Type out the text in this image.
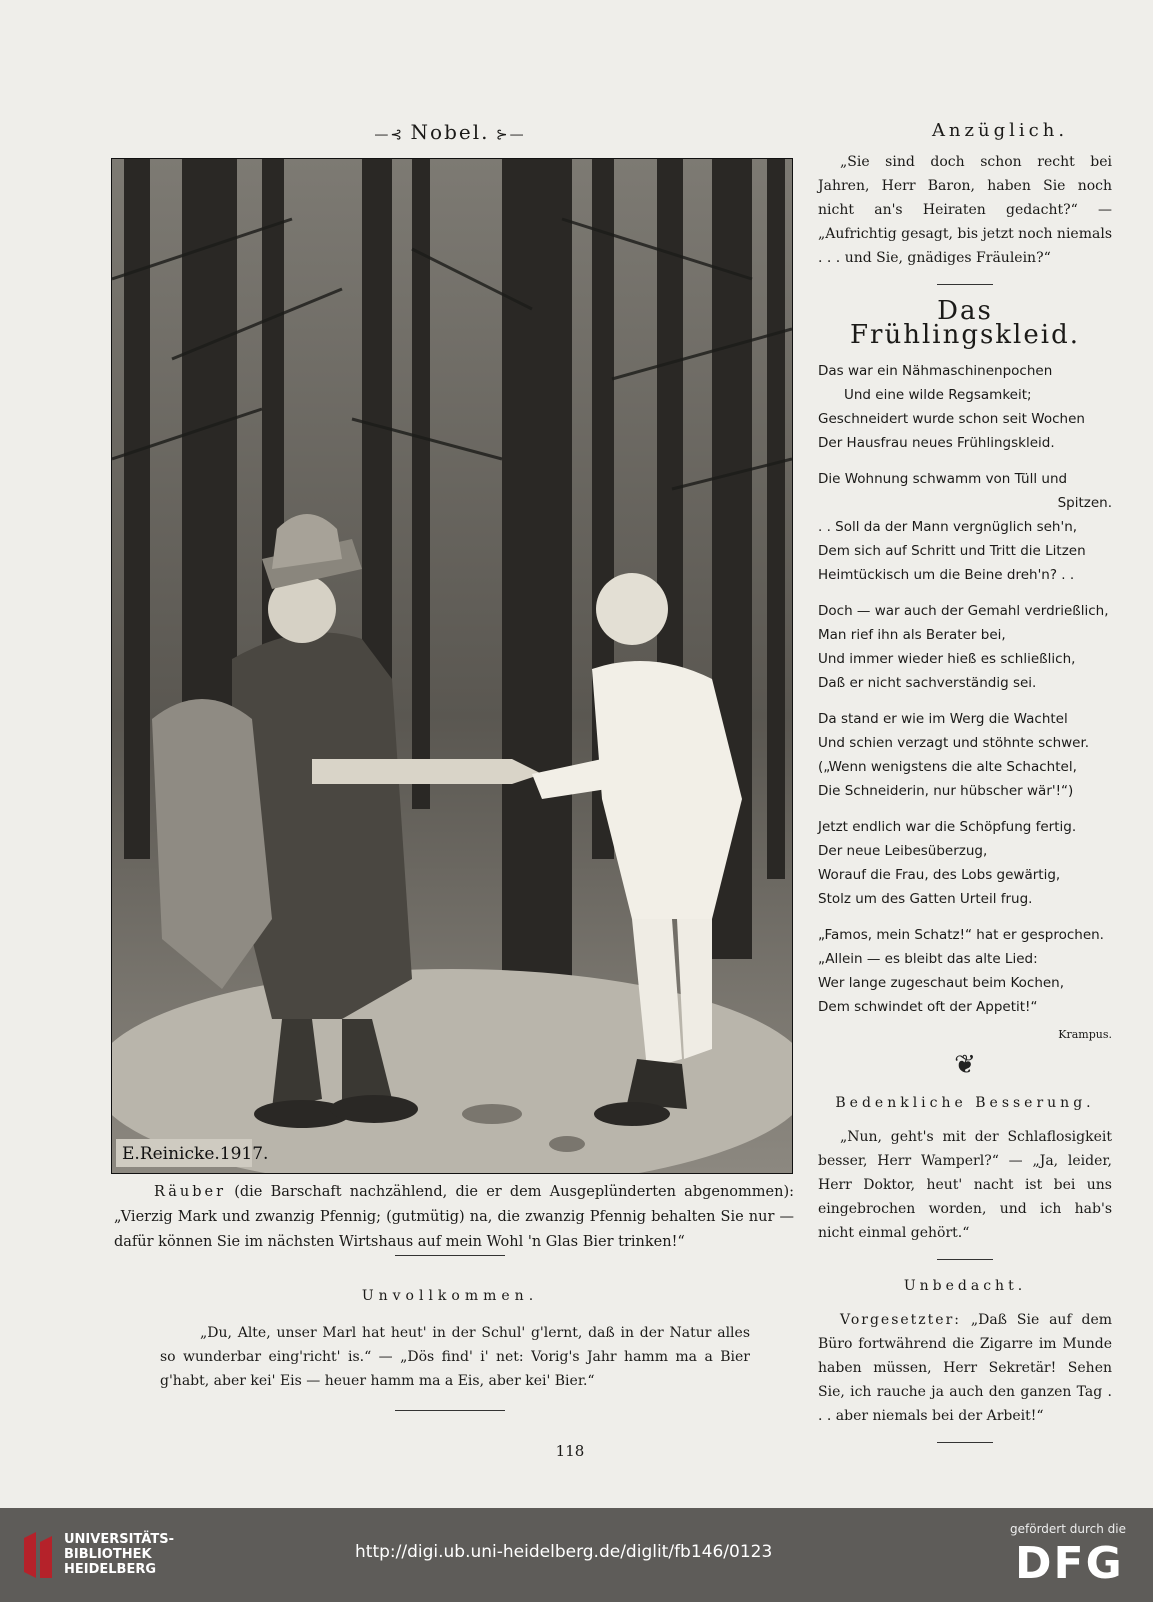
—⊰ Nobel. ⊱—	Anzüglich.
E.Reinicke.1917.

„Sie sind doch schon recht bei Jahren, Herr Baron, haben Sie noch nicht an's Heiraten gedacht?“ — „Aufrichtig gesagt, bis jetzt noch niemals . . . und Sie, gnädiges Fräulein?“

Das Frühlingskleid.
Das war ein Nähmaschinenpochen
Und eine wilde Regsamkeit;
Geschneidert wurde schon seit Wochen
Der Hausfrau neues Frühlingskleid.
Die Wohnung schwamm von Tüll und
Spitzen.
. . Soll da der Mann vergnüglich seh'n,
Dem sich auf Schritt und Tritt die Litzen
Heimtückisch um die Beine dreh'n? . .
Doch — war auch der Gemahl verdrießlich,
Man rief ihn als Berater bei,
Und immer wieder hieß es schließlich,
Daß er nicht sachverständig sei.
Da stand er wie im Werg die Wachtel
Und schien verzagt und stöhnte schwer.
(„Wenn wenigstens die alte Schachtel,
Die Schneiderin, nur hübscher wär'!“)
Jetzt endlich war die Schöpfung fertig.
Der neue Leibesüberzug,
Worauf die Frau, des Lobs gewärtig,
Stolz um des Gatten Urteil frug.
„Famos, mein Schatz!“ hat er gesprochen.
„Allein — es bleibt das alte Lied:
Wer lange zugeschaut beim Kochen,
Dem schwindet oft der Appetit!“
Krampus.
❦
Bedenkliche Besserung.

„Nun, geht's mit der Schlaflosigkeit besser, Herr Wamperl?“ — „Ja, leider, Herr Doktor, heut' nacht ist bei uns eingebrochen worden, und ich hab's nicht einmal gehört.“

Unbedacht.

Vorgesetzter: „Daß Sie auf dem Büro fortwährend die Zigarre im Munde haben müssen, Herr Sekretär! Sehen Sie, ich rauche ja auch den ganzen Tag . . . aber niemals bei der Arbeit!“

Räuber (die Barschaft nachzählend, die er dem Ausgeplünderten abgenommen): „Vierzig Mark und zwanzig Pfennig; (gutmütig) na, die zwanzig Pfennig behalten Sie nur — dafür können Sie im nächsten Wirtshaus auf mein Wohl 'n Glas Bier trinken!“
Unvollkommen.
„Du, Alte, unser Marl hat heut' in der Schul' g'lernt, daß in der Natur alles so wunderbar eing'richt' is.“ — „Dös find' i' net: Vorig's Jahr hamm ma a Bier g'habt, aber kei' Eis — heuer hamm ma a Eis, aber kei' Bier.“
118
UNIVERSITÄTS-
BIBLIOTHEK
HEIDELBERG
http://digi.ub.uni-heidelberg.de/diglit/fb146/0123
gefördert durch die
DFG
